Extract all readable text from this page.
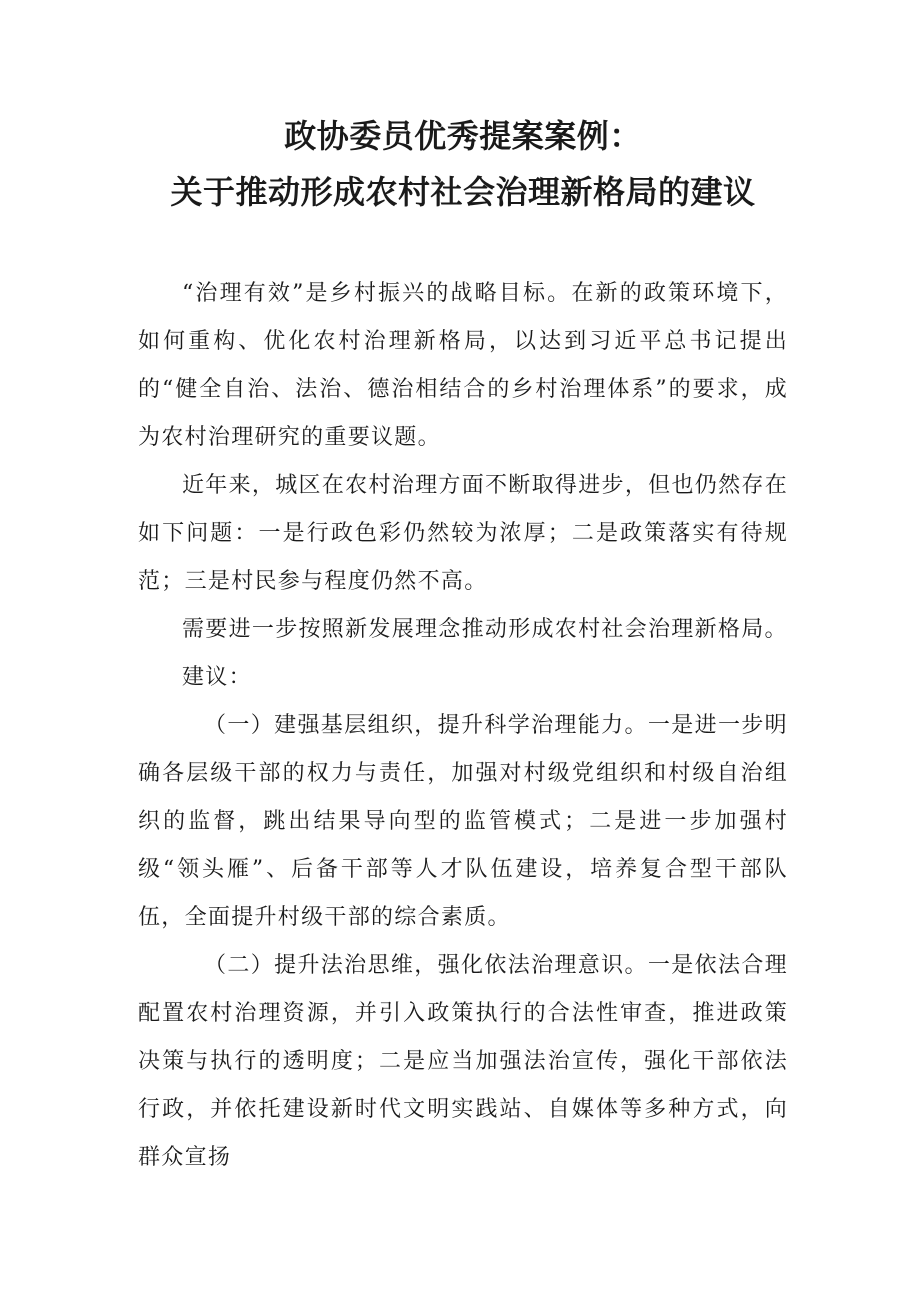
政协委员优秀提案案例：
关于推动形成农村社会治理新格局的建议

“治理有效”是乡村振兴的战略目标。在新的政策环境下，如何重构、优化农村治理新格局，以达到习近平总书记提出的“健全自治、法治、德治相结合的乡村治理体系”的要求，成为农村治理研究的重要议题。

近年来，城区在农村治理方面不断取得进步，但也仍然存在如下问题：一是行政色彩仍然较为浓厚；二是政策落实有待规范；三是村民参与程度仍然不高。

需要进一步按照新发展理念推动形成农村社会治理新格局。

建议：

（一）建强基层组织，提升科学治理能力。一是进一步明确各层级干部的权力与责任，加强对村级党组织和村级自治组织的监督，跳出结果导向型的监管模式；二是进一步加强村级“领头雁”、后备干部等人才队伍建设，培养复合型干部队伍，全面提升村级干部的综合素质。

（二）提升法治思维，强化依法治理意识。一是依法合理配置农村治理资源，并引入政策执行的合法性审查，推进政策决策与执行的透明度；二是应当加强法治宣传，强化干部依法行政，并依托建设新时代文明实践站、自媒体等多种方式，向群众宣扬
